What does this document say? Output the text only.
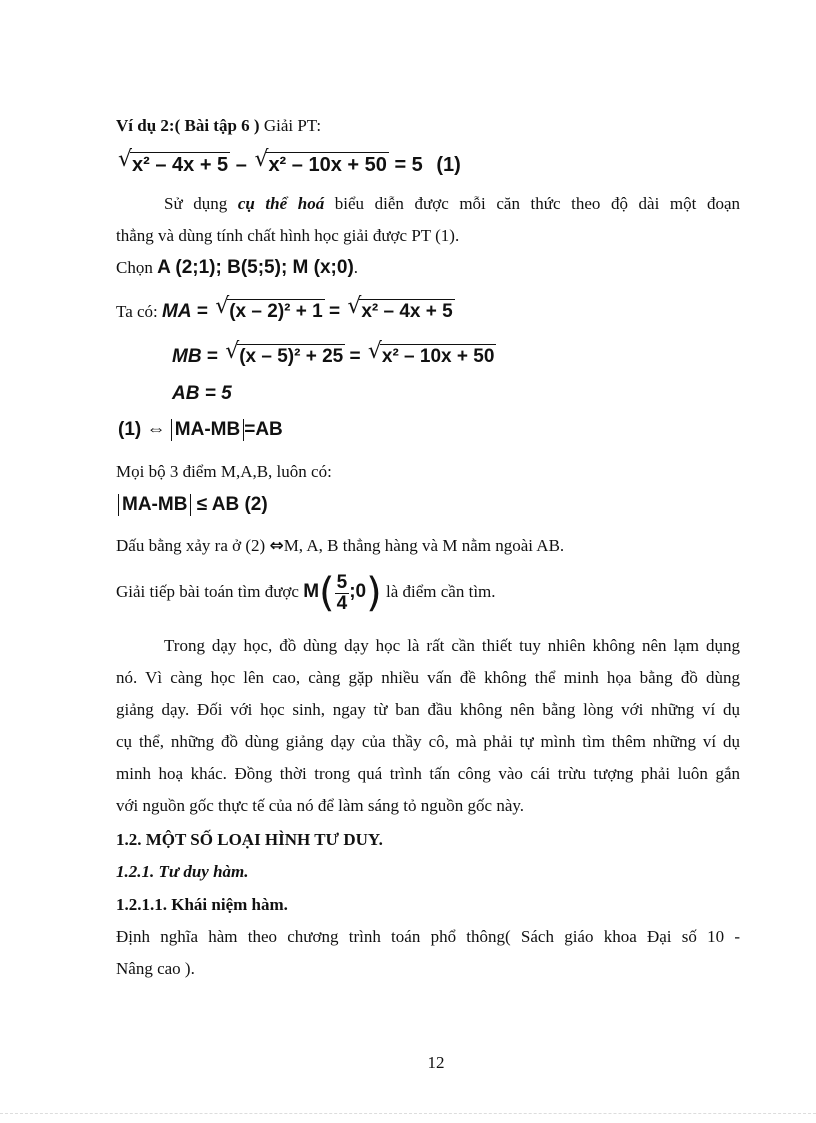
Ví dụ 2:( Bài tập 6 ) Giải PT:
√ x² – 4x + 5 – √ x² – 10x + 50 = 5 (1)
Sử dụng cụ thể hoá biểu diễn được mỗi căn thức theo độ dài một đoạn
thẳng và dùng tính chất hình học giải được PT (1).
Chọn A (2;1); B(5;5); M (x;0).
Ta có: MA = √ (x – 2)² + 1 = √ x² – 4x + 5
MB = √ (x – 5)² + 25 = √ x² – 10x + 50
AB = 5
(1) ⇔ MA-MB =AB
Mọi bộ 3 điểm M,A,B, luôn có:
MA-MB ≤ AB (2)
Dấu bằng xảy ra ở (2) ⇔M, A, B thẳng hàng và M nằm ngoài AB.
Giải tiếp bài toán tìm được $M( \frac{5}{4}$ ;0) là điểm cần tìm.
Trong dạy học, đồ dùng dạy học là rất cần thiết tuy nhiên không nên lạm dụng
nó. Vì càng học lên cao, càng gặp nhiều vấn đề không thể minh họa bằng đồ dùng
giảng dạy. Đối với học sinh, ngay từ ban đầu không nên bằng lòng với những ví dụ
cụ thể, những đồ dùng giảng dạy của thầy cô, mà phải tự mình tìm thêm những ví dụ
minh hoạ khác. Đồng thời trong quá trình tấn công vào cái trừu tượng phải luôn gắn
với nguồn gốc thực tế của nó để làm sáng tỏ nguồn gốc này.
1.2. MỘT SỐ LOẠI HÌNH TƯ DUY.
1.2.1. Tư duy hàm.
1.2.1.1. Khái niệm hàm.
Định nghĩa hàm theo chương trình toán phổ thông( Sách giáo khoa Đại số 10 -
Nâng cao ).
12
